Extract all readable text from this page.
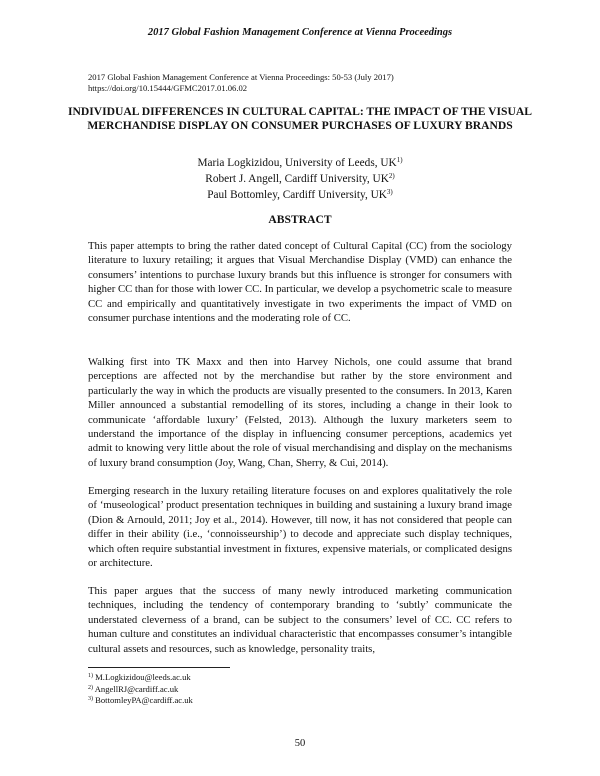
2017 Global Fashion Management Conference at Vienna Proceedings
2017 Global Fashion Management Conference at Vienna Proceedings: 50-53 (July 2017)
https://doi.org/10.15444/GFMC2017.01.06.02
INDIVIDUAL DIFFERENCES IN CULTURAL CAPITAL: THE IMPACT OF THE VISUAL MERCHANDISE DISPLAY ON CONSUMER PURCHASES OF LUXURY BRANDS
Maria Logkizidou, University of Leeds, UK$^{1)}$
Robert J. Angell, Cardiff University, UK$^{2)}$
Paul Bottomley, Cardiff University, UK$^{3)}$
ABSTRACT

This paper attempts to bring the rather dated concept of Cultural Capital (CC) from the sociology literature to luxury retailing; it argues that Visual Merchandise Display (VMD) can enhance the consumers’ intentions to purchase luxury brands but this influence is stronger for consumers with higher CC than for those with lower CC. In particular, we develop a psychometric scale to measure CC and empirically and quantitatively investigate in two experiments the impact of VMD on consumer purchase intentions and the moderating role of CC.

Walking first into TK Maxx and then into Harvey Nichols, one could assume that brand perceptions are affected not by the merchandise but rather by the store environment and particularly the way in which the products are visually presented to the consumers. In 2013, Karen Miller announced a substantial remodelling of its stores, including a change in their look to communicate ‘affordable luxury’ (Felsted, 2013). Although the luxury marketers seem to understand the importance of the display in influencing consumer perceptions, academics yet admit to knowing very little about the role of visual merchandising and display on the mechanisms of luxury brand consumption (Joy, Wang, Chan, Sherry, & Cui, 2014).

Emerging research in the luxury retailing literature focuses on and explores qualitatively the role of ‘museological’ product presentation techniques in building and sustaining a luxury brand image (Dion & Arnould, 2011; Joy et al., 2014). However, till now, it has not considered that people can differ in their ability (i.e., ‘connoisseurship’) to decode and appreciate such display techniques, which often require substantial investment in fixtures, expensive materials, or complicated designs or architecture.

This paper argues that the success of many newly introduced marketing communication techniques, including the tendency of contemporary branding to ‘subtly’ communicate the understated cleverness of a brand, can be subject to the consumers’ level of CC. CC refers to human culture and constitutes an individual characteristic that encompasses consumer’s intangible cultural assets and resources, such as knowledge, personality traits,

$^{1)}$ M.Logkizidou@leeds.ac.uk
$^{2)}$ AngellRJ@cardiff.ac.uk
$^{3)}$ BottomleyPA@cardiff.ac.uk
50
